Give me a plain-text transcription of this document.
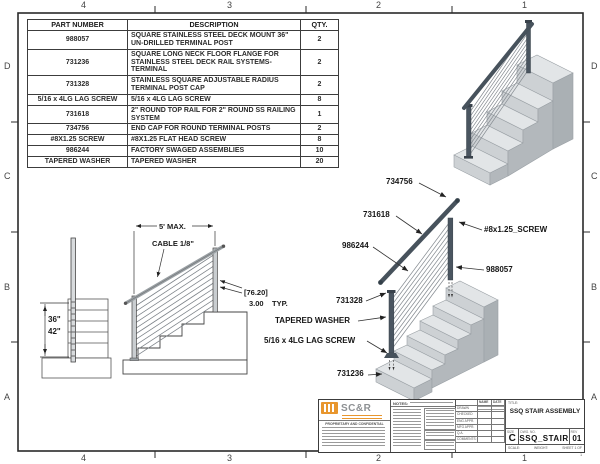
4	3	2	1
4	3	2	1
D
C
B
A
D
C
B
A
PART NUMBER	DESCRIPTION	QTY.
988057	SQUARE STAINLESS STEEL DECK MOUNT 36" UN-DRILLED TERMINAL POST	2
731236	SQUARE LONG NECK FLOOR FLANGE FOR STAINLESS STEEL DECK RAIL SYSTEMS-TERMINAL	2
731328	STAINLESS SQUARE ADJUSTABLE RADIUS TERMINAL POST CAP	2
5/16 x 4LG LAG SCREW	5/16 x 4LG LAG SCREW	8
731618	2" ROUND TOP RAIL FOR 2" ROUND SS RAILING SYSTEM	1
734756	END CAP FOR ROUND TERMINAL POSTS	2
#8X1.25 SCREW	#8X1.25 FLAT HEAD SCREW	8
986244	FACTORY SWAGED ASSEMBLIES	10
TAPERED WASHER	TAPERED WASHER	20
36"
42"
5' MAX.
CABLE 1/8"
[76.20]
3.00 TYP.
734756
731618
#8x1.25_SCREW
986244
988057
731328
TAPERED WASHER
5/16 x 4LG LAG SCREW
731236
SC&R
PROPRIETARY AND CONFIDENTIAL
NOTES:	NAME	DATE
DRAWN
CHECKED
ENG APPR.
MFG APPR.
Q.A.
COMMENTS:
TITLE:
SSQ STAIR ASSEMBLY
SIZE
C
DWG. NO.
SSQ_STAIR
REV
01
SCALE:	WEIGHT:	SHEET 1 OF 1
